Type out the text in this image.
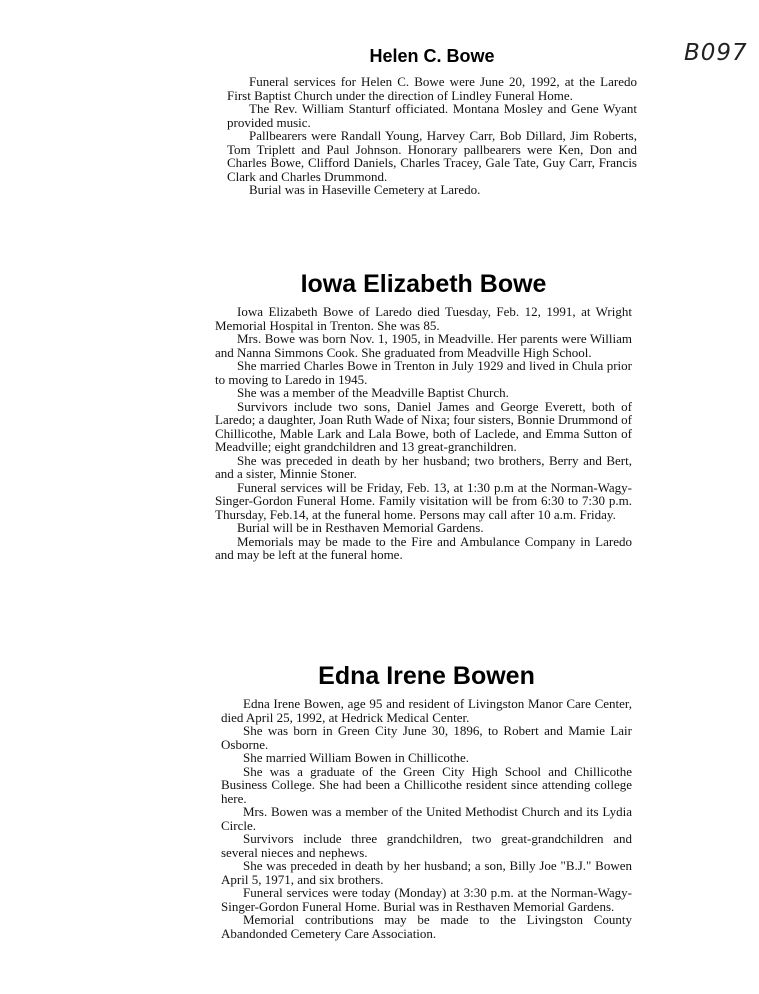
B097
Helen C. Bowe

Funeral services for Helen C. Bowe were June 20, 1992, at the Laredo First Baptist Church under the direction of Lindley Funeral Home.

The Rev. William Stanturf officiated. Montana Mosley and Gene Wyant provided music.

Pallbearers were Randall Young, Harvey Carr, Bob Dillard, Jim Roberts, Tom Triplett and Paul Johnson. Honorary pallbearers were Ken, Don and Charles Bowe, Clifford Daniels, Charles Tracey, Gale Tate, Guy Carr, Francis Clark and Charles Drummond.

Burial was in Haseville Cemetery at Laredo.

Iowa Elizabeth Bowe

Iowa Elizabeth Bowe of Laredo died Tuesday, Feb. 12, 1991, at Wright Memorial Hospital in Trenton. She was 85.

Mrs. Bowe was born Nov. 1, 1905, in Meadville. Her parents were William and Nanna Simmons Cook. She graduated from Meadville High School.

She married Charles Bowe in Trenton in July 1929 and lived in Chula prior to moving to Laredo in 1945.

She was a member of the Meadville Baptist Church.

Survivors include two sons, Daniel James and George Everett, both of Laredo; a daughter, Joan Ruth Wade of Nixa; four sisters, Bonnie Drummond of Chillicothe, Mable Lark and Lala Bowe, both of Laclede, and Emma Sutton of Meadville; eight grandchildren and 13 great-granchildren.

She was preceded in death by her husband; two brothers, Berry and Bert, and a sister, Minnie Stoner.

Funeral services will be Friday, Feb. 13, at 1:30 p.m at the Norman-Wagy-Singer-Gordon Funeral Home. Family visitation will be from 6:30 to 7:30 p.m. Thursday, Feb.14, at the funeral home. Persons may call after 10 a.m. Friday.

Burial will be in Resthaven Memorial Gardens.

Memorials may be made to the Fire and Ambulance Company in Laredo and may be left at the funeral home.

Edna Irene Bowen

Edna Irene Bowen, age 95 and resident of Livingston Manor Care Center, died April 25, 1992, at Hedrick Medical Center.

She was born in Green City June 30, 1896, to Robert and Mamie Lair Osborne.

She married William Bowen in Chillicothe.

She was a graduate of the Green City High School and Chillicothe Business College. She had been a Chillicothe resident since attending college here.

Mrs. Bowen was a member of the United Methodist Church and its Lydia Circle.

Survivors include three grandchildren, two great-grandchildren and several nieces and nephews.

She was preceded in death by her husband; a son, Billy Joe "B.J." Bowen April 5, 1971, and six brothers.

Funeral services were today (Monday) at 3:30 p.m. at the Norman-Wagy-Singer-Gordon Funeral Home. Burial was in Resthaven Memorial Gardens.

Memorial contributions may be made to the Livingston County Abandonded Cemetery Care Association.
